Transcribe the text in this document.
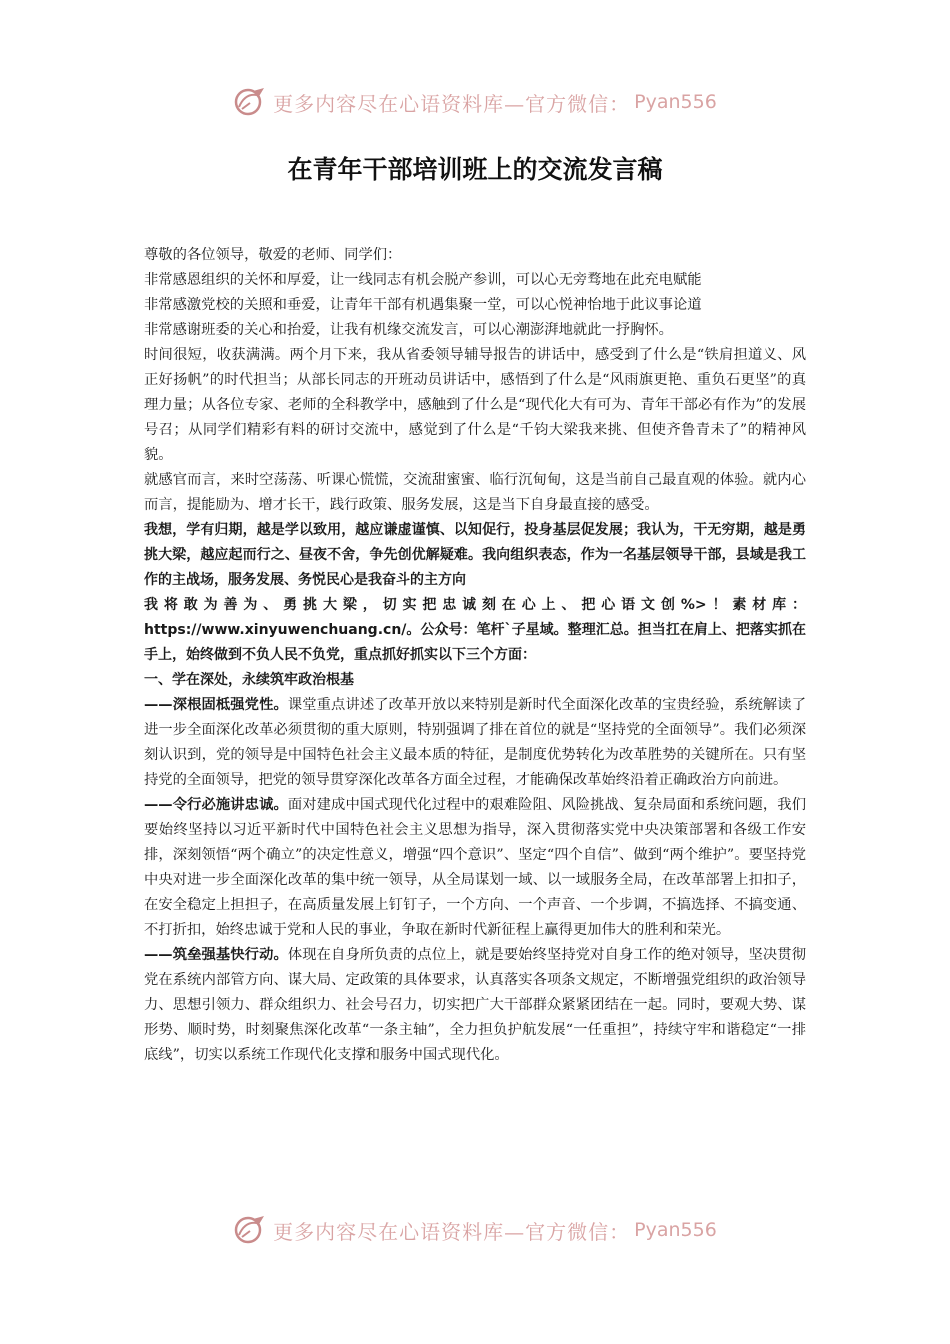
更多内容尽在心语资料库—官方微信： Pyan556
在青年干部培训班上的交流发言稿

尊敬的各位领导，敬爱的老师、同学们：

非常感恩组织的关怀和厚爱，让一线同志有机会脱产参训，可以心无旁骛地在此充电赋能

非常感激党校的关照和垂爱，让青年干部有机遇集聚一堂，可以心悦神怡地于此议事论道

非常感谢班委的关心和抬爱，让我有机缘交流发言，可以心潮澎湃地就此一抒胸怀。

时间很短，收获满满。两个月下来，我从省委领导辅导报告的讲话中，感受到了什么是“铁肩担道义、风正好扬帆”的时代担当；从部长同志的开班动员讲话中，感悟到了什么是“风雨旗更艳、重负石更坚”的真理力量；从各位专家、老师的全科教学中，感触到了什么是“现代化大有可为、青年干部必有作为”的发展号召；从同学们精彩有料的研讨交流中，感觉到了什么是“千钧大梁我来挑、但使齐鲁青未了”的精神风貌。

就感官而言，来时空荡荡、听课心慌慌，交流甜蜜蜜、临行沉甸甸，这是当前自己最直观的体验。就内心而言，提能励为、增才长干，践行政策、服务发展，这是当下自身最直接的感受。

我想，学有归期，越是学以致用，越应谦虚谨慎、以知促行，投身基层促发展；我认为，干无穷期，越是勇挑大梁，越应起而行之、昼夜不舍，争先创优解疑难。我向组织表态，作为一名基层领导干部，县域是我工作的主战场，服务发展、务悦民心是我奋斗的主方向

我将敢为善为、勇挑大梁，切实把忠诚刻在心上、把心语文创%>！素材库： https://www.xinyuwenchuang.cn/。公众号：笔杆`子星域。整理汇总。担当扛在肩上、把落实抓在手上，始终做到不负人民不负党，重点抓好抓实以下三个方面：

一、学在深处，永续筑牢政治根基

——深根固柢强党性。课堂重点讲述了改革开放以来特别是新时代全面深化改革的宝贵经验，系统解读了进一步全面深化改革必须贯彻的重大原则，特别强调了排在首位的就是“坚持党的全面领导”。我们必须深刻认识到，党的领导是中国特色社会主义最本质的特征，是制度优势转化为改革胜势的关键所在。只有坚持党的全面领导，把党的领导贯穿深化改革各方面全过程，才能确保改革始终沿着正确政治方向前进。

——令行必施讲忠诚。面对建成中国式现代化过程中的艰难险阻、风险挑战、复杂局面和系统问题，我们要始终坚持以习近平新时代中国特色社会主义思想为指导，深入贯彻落实党中央决策部署和各级工作安排，深刻领悟“两个确立”的决定性意义，增强“四个意识”、坚定“四个自信”、做到“两个维护”。要坚持党中央对进一步全面深化改革的集中统一领导，从全局谋划一域、以一域服务全局，在改革部署上扣扣子，在安全稳定上担担子，在高质量发展上钉钉子，一个方向、一个声音、一个步调，不搞选择、不搞变通、不打折扣，始终忠诚于党和人民的事业，争取在新时代新征程上赢得更加伟大的胜利和荣光。

——筑垒强基快行动。体现在自身所负责的点位上，就是要始终坚持党对自身工作的绝对领导，坚决贯彻党在系统内部管方向、谋大局、定政策的具体要求，认真落实各项条文规定，不断增强党组织的政治领导力、思想引领力、群众组织力、社会号召力，切实把广大干部群众紧紧团结在一起。同时，要观大势、谋形势、顺时势，时刻聚焦深化改革“一条主轴”，全力担负护航发展“一任重担”，持续守牢和谐稳定“一排底线”，切实以系统工作现代化支撑和服务中国式现代化。

更多内容尽在心语资料库—官方微信： Pyan556
